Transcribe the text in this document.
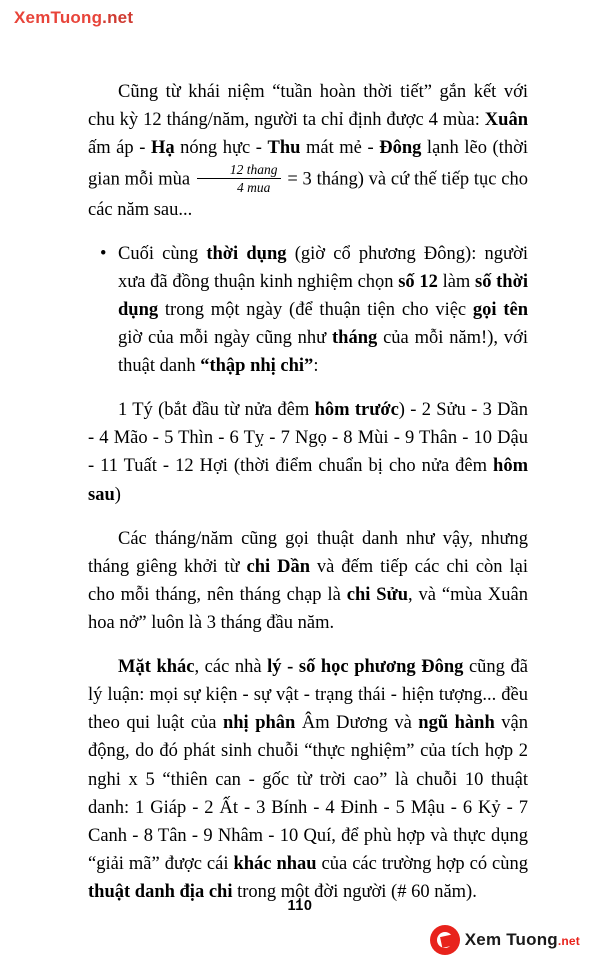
XemTuong.net

Cũng từ khái niệm “tuần hoàn thời tiết” gắn kết với chu kỳ 12 tháng/năm, người ta chỉ định được 4 mùa: Xuân ấm áp - Hạ nóng hực - Thu mát mẻ - Đông lạnh lẽo (thời gian mỗi mùa $\frac{\text{12 thang}}{\text{4 mua}} = 3$ tháng) và cứ thế tiếp tục cho các năm sau...

• Cuối cùng thời dụng (giờ cổ phương Đông): người xưa đã đồng thuận kinh nghiệm chọn số 12 làm số thời dụng trong một ngày (để thuận tiện cho việc gọi tên giờ của mỗi ngày cũng như tháng của mỗi năm!), với thuật danh “thập nhị chi”:

1 Tý (bắt đầu từ nửa đêm hôm trước) - 2 Sửu - 3 Dần - 4 Mão - 5 Thìn - 6 Tỵ - 7 Ngọ - 8 Mùi - 9 Thân - 10 Dậu - 11 Tuất - 12 Hợi (thời điểm chuẩn bị cho nửa đêm hôm sau)

Các tháng/năm cũng gọi thuật danh như vậy, nhưng tháng giêng khởi từ chi Dần và đếm tiếp các chi còn lại cho mỗi tháng, nên tháng chạp là chi Sửu, và “mùa Xuân hoa nở” luôn là 3 tháng đầu năm.

Mặt khác, các nhà lý - số học phương Đông cũng đã lý luận: mọi sự kiện - sự vật - trạng thái - hiện tượng... đều theo qui luật của nhị phân Âm Dương và ngũ hành vận động, do đó phát sinh chuỗi “thực nghiệm” của tích hợp 2 nghi x 5 “thiên can - gốc từ trời cao” là chuỗi 10 thuật danh: 1 Giáp - 2 Ất - 3 Bính - 4 Đinh - 5 Mậu - 6 Kỷ - 7 Canh - 8 Tân - 9 Nhâm - 10 Quí, để phù hợp và thực dụng “giải mã” được cái khác nhau của các trường hợp có cùng thuật danh địa chi trong một đời người (# 60 năm).

110
Xem Tuong.net
